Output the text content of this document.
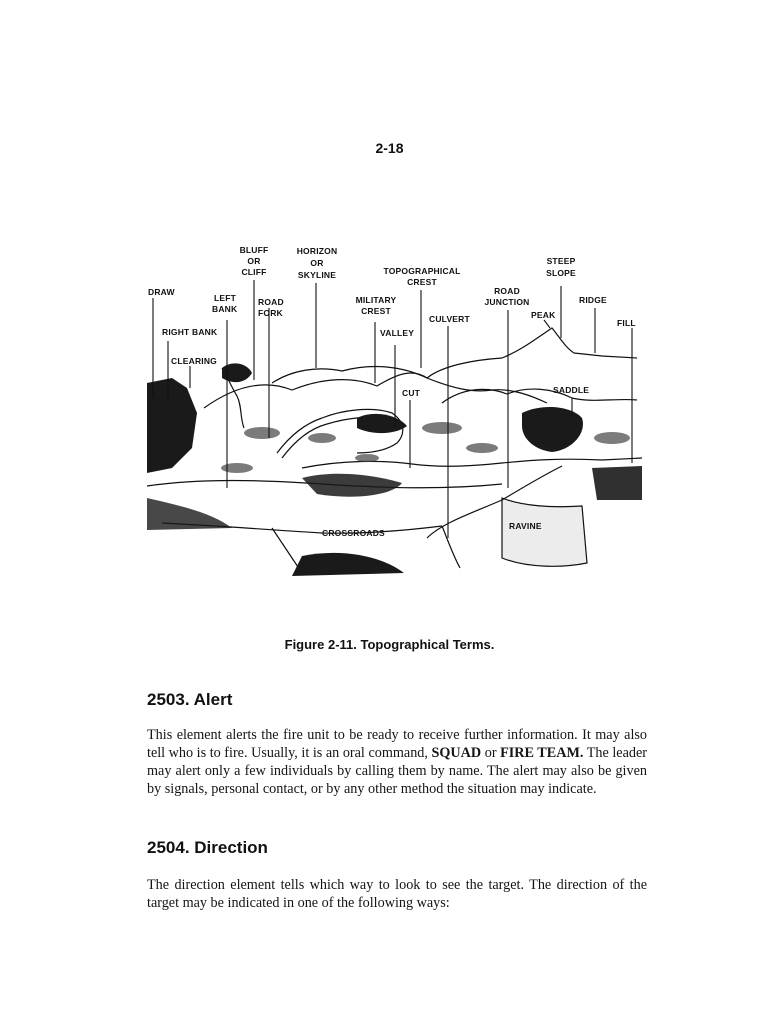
2-18
DRAW
LEFT
BANK
RIGHT BANK
CLEARING
BLUFF
OR
CLIFF
ROAD
FORK
HORIZON
OR
SKYLINE	TOPOGRAPHICAL
CREST
MILITARY
CREST
VALLEY
CULVERT
CUT
ROAD
JUNCTION
STEEP
SLOPE
PEAK
RIDGE
FILL
SADDLE
RAVINE
CROSSROADS
Figure 2-11. Topographical Terms.
2503. Alert
This element alerts the fire unit to be ready to receive further information. It may also tell who is to fire. Usually, it is an oral command, SQUAD or FIRE TEAM. The leader may alert only a few individuals by calling them by name. The alert may also be given by signals, personal contact, or by any other method the situation may indicate.
2504. Direction
The direction element tells which way to look to see the target. The direction of the target may be indicated in one of the following ways:
